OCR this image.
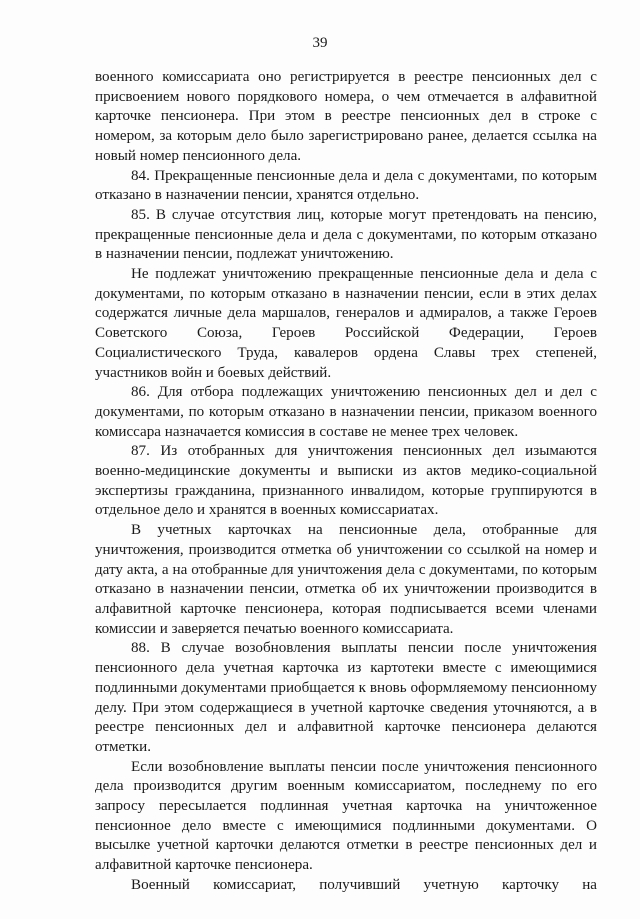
39

военного комиссариата оно регистрируется в реестре пенсионных дел с присвоением нового порядкового номера, о чем отмечается в алфавитной карточке пенсионера. При этом в реестре пенсионных дел в строке с номером, за которым дело было зарегистрировано ранее, делается ссылка на новый номер пенсионного дела.

84. Прекращенные пенсионные дела и дела с документами, по которым отказано в назначении пенсии, хранятся отдельно.

85. В случае отсутствия лиц, которые могут претендовать на пенсию, прекращенные пенсионные дела и дела с документами, по которым отказано в назначении пенсии, подлежат уничтожению.

Не подлежат уничтожению прекращенные пенсионные дела и дела с документами, по которым отказано в назначении пенсии, если в этих делах содержатся личные дела маршалов, генералов и адмиралов, а также Героев Советского Союза, Героев Российской Федерации, Героев Социалистического Труда, кавалеров ордена Славы трех степеней, участников войн и боевых действий.

86. Для отбора подлежащих уничтожению пенсионных дел и дел с документами, по которым отказано в назначении пенсии, приказом военного комиссара назначается комиссия в составе не менее трех человек.

87. Из отобранных для уничтожения пенсионных дел изымаются военно-медицинские документы и выписки из актов медико-социальной экспертизы гражданина, признанного инвалидом, которые группируются в отдельное дело и хранятся в военных комиссариатах.

В учетных карточках на пенсионные дела, отобранные для уничтожения, производится отметка об уничтожении со ссылкой на номер и дату акта, а на отобранные для уничтожения дела с документами, по которым отказано в назначении пенсии, отметка об их уничтожении производится в алфавитной карточке пенсионера, которая подписывается всеми членами комиссии и заверяется печатью военного комиссариата.

88. В случае возобновления выплаты пенсии после уничтожения пенсионного дела учетная карточка из картотеки вместе с имеющимися подлинными документами приобщается к вновь оформляемому пенсионному делу. При этом содержащиеся в учетной карточке сведения уточняются, а в реестре пенсионных дел и алфавитной карточке пенсионера делаются отметки.

Если возобновление выплаты пенсии после уничтожения пенсионного дела производится другим военным комиссариатом, последнему по его запросу пересылается подлинная учетная карточка на уничтоженное пенсионное дело вместе с имеющимися подлинными документами. О высылке учетной карточки делаются отметки в реестре пенсионных дел и алфавитной карточке пенсионера.

Военный комиссариат, получивший учетную карточку на
